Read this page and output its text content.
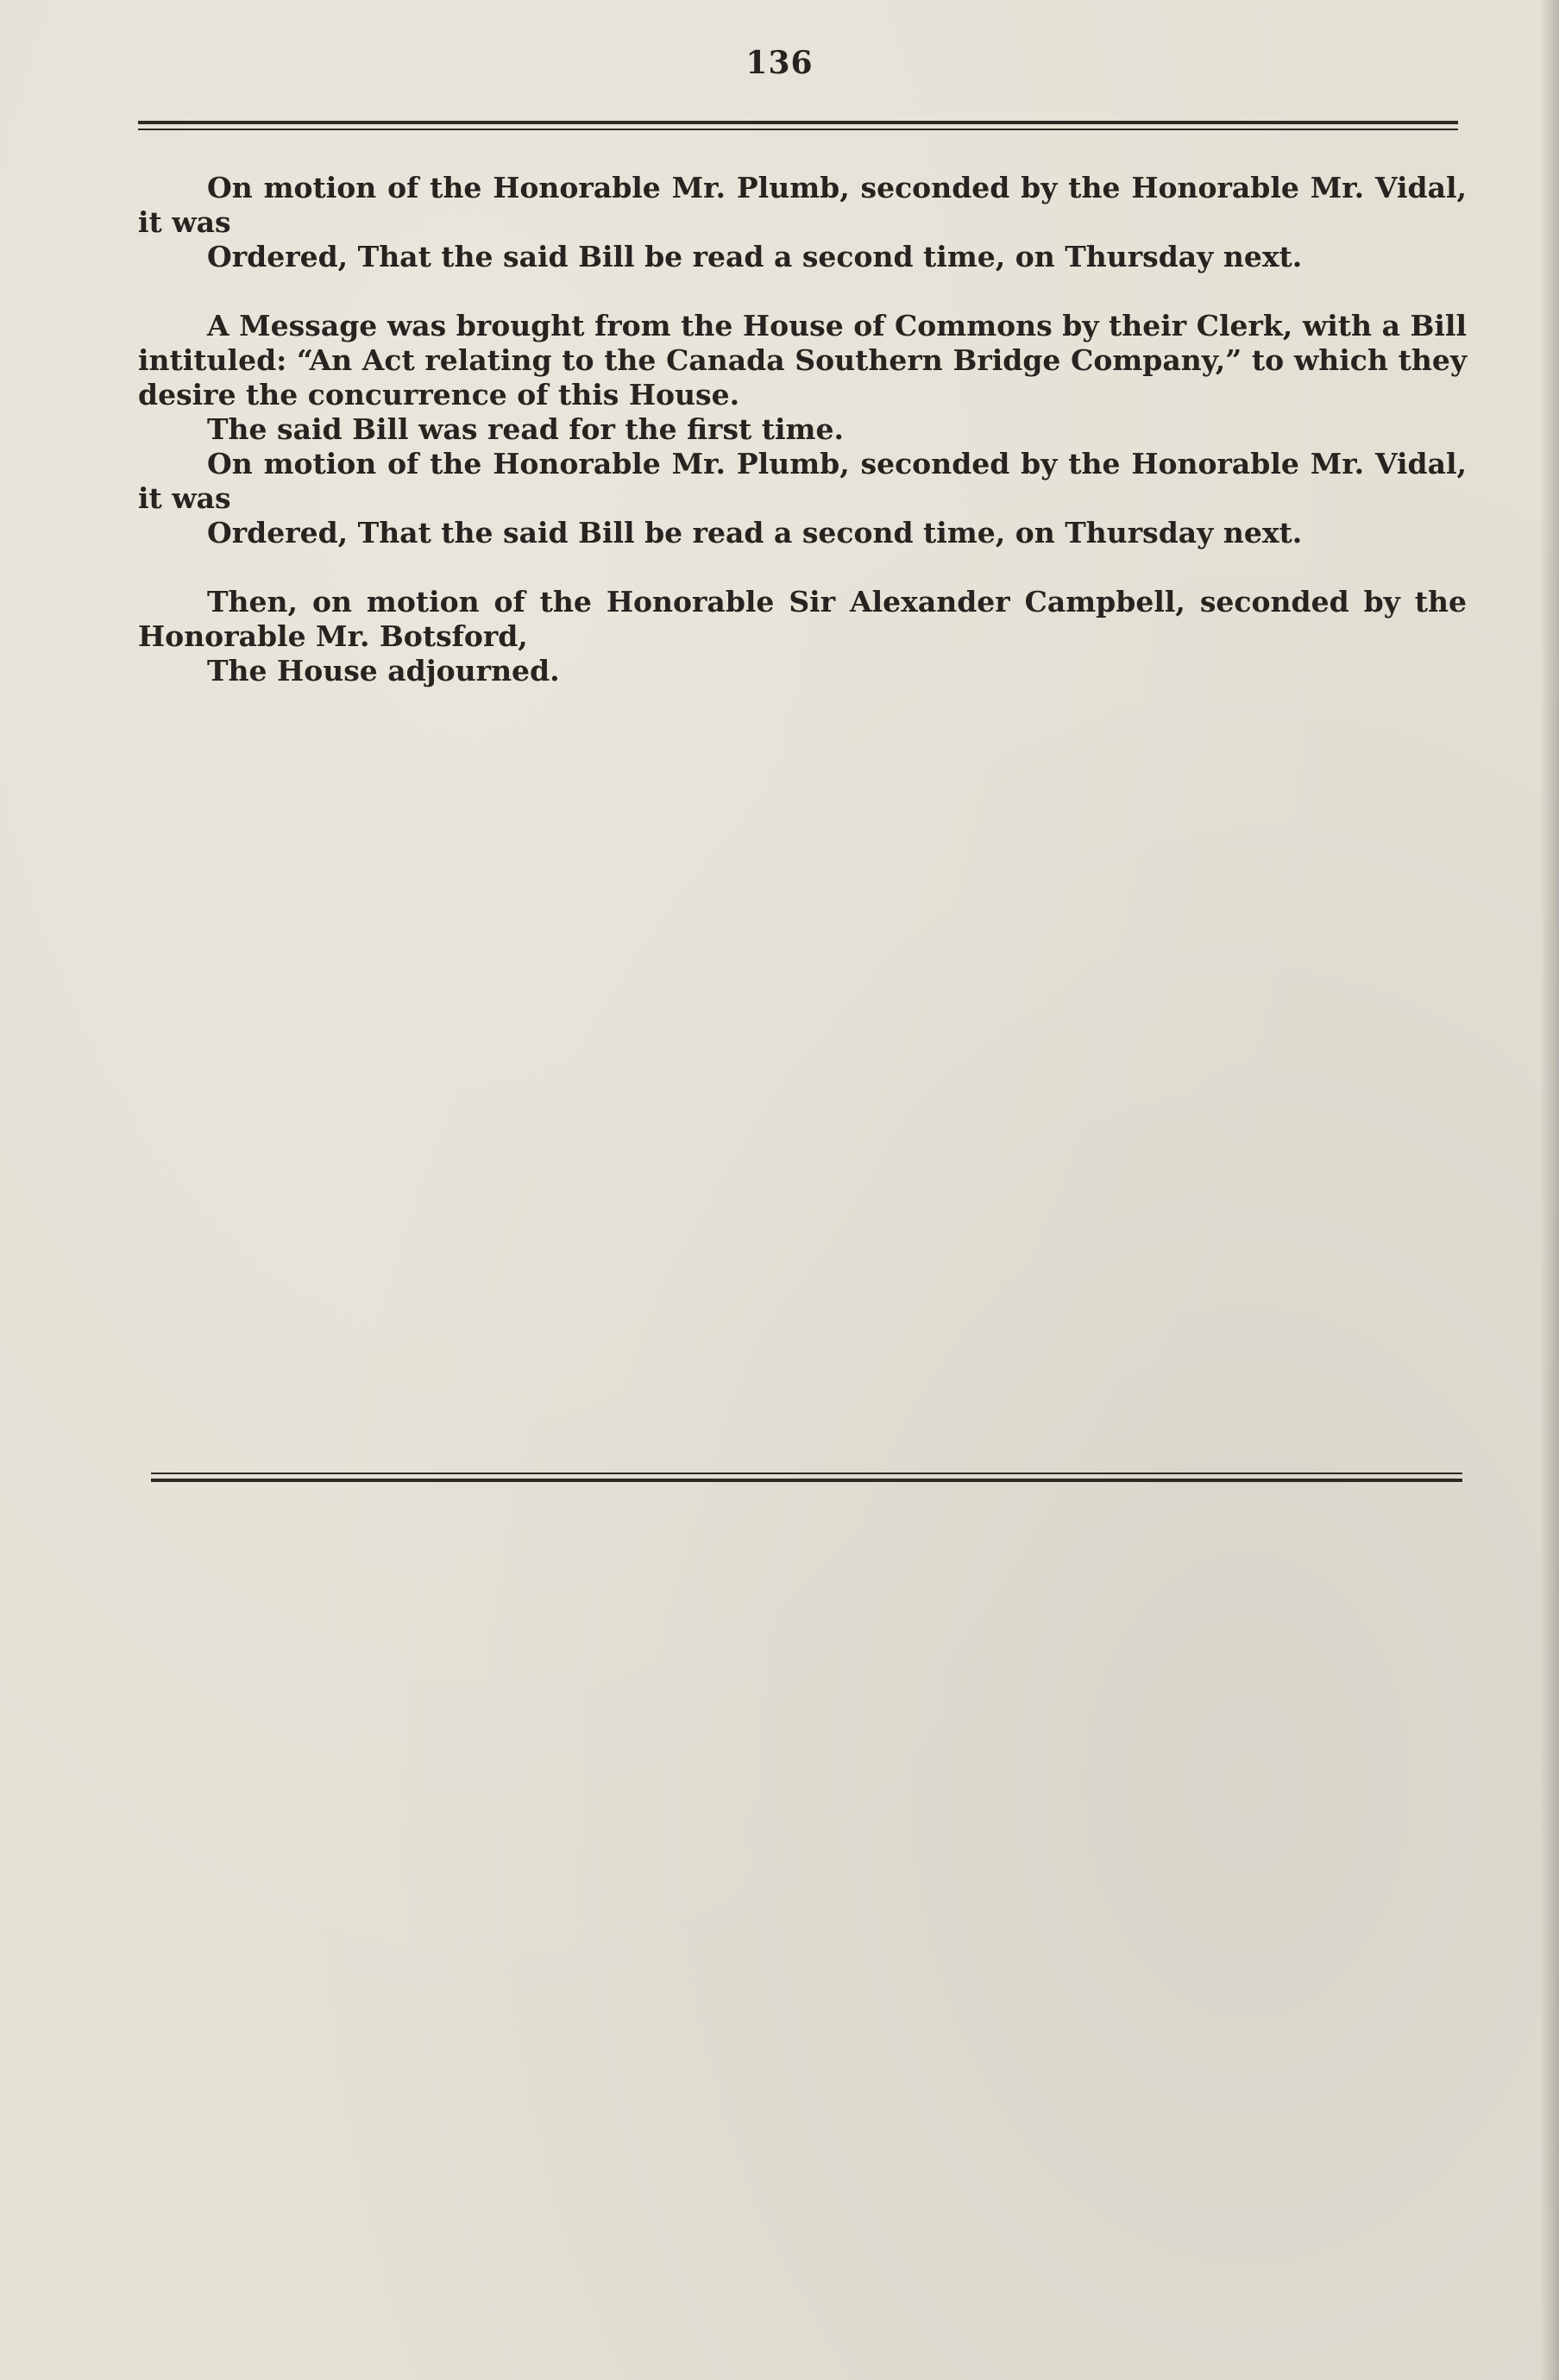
136

On motion of the Honorable Mr. Plumb, seconded by the Honorable Mr. Vidal, it was

Ordered, That the said Bill be read a second time, on Thursday next.

A Message was brought from the House of Commons by their Clerk, with a Bill intituled: “An Act relating to the Canada Southern Bridge Company,” to which they desire the concurrence of this House.

The said Bill was read for the first time.

On motion of the Honorable Mr. Plumb, seconded by the Honorable Mr. Vidal, it was

Ordered, That the said Bill be read a second time, on Thursday next.

Then, on motion of the Honorable Sir Alexander Campbell, seconded by the Honorable Mr. Botsford,

The House adjourned.
